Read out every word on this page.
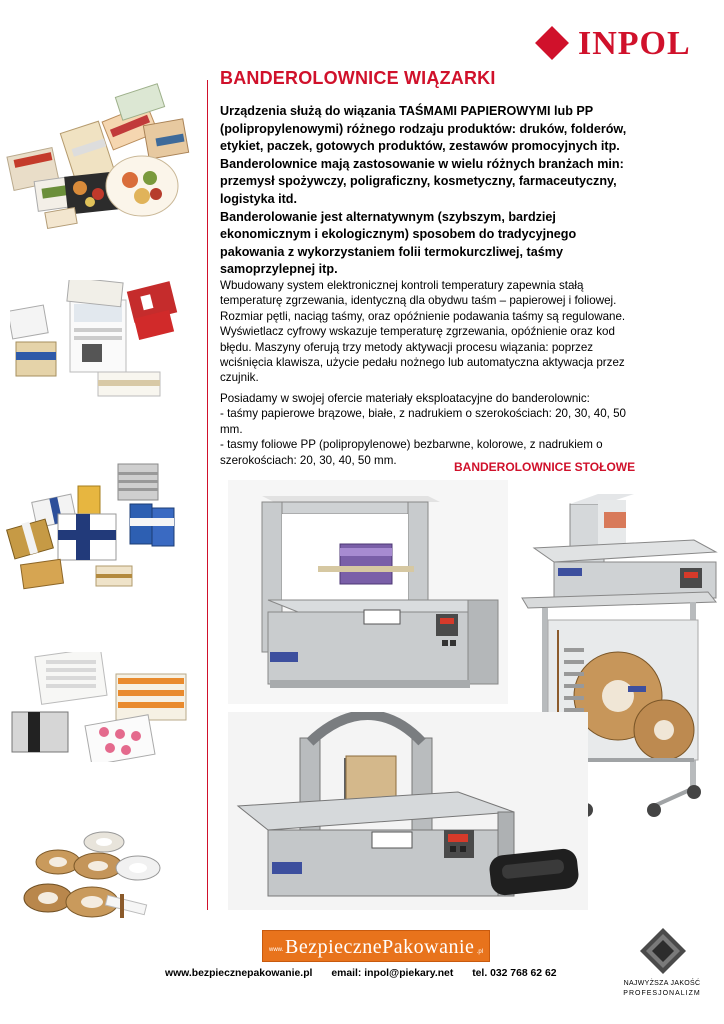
INPOL
BANDEROLOWNICE WIĄZARKI
Urządzenia służą do wiązania TAŚMAMI PAPIEROWYMI lub PP
(polipropylenowymi) różnego rodzaju produktów: druków, folderów,
etykiet, paczek, gotowych produktów, zestawów promocyjnych itp.
Banderolownice mają zastosowanie w wielu różnych branżach min:
przemysł spożywczy, poligraficzny, kosmetyczny, farmaceutyczny,
logistyka itd.
Banderolowanie jest alternatywnym (szybszym, bardziej
ekonomicznym i ekologicznym) sposobem do tradycyjnego
pakowania z wykorzystaniem folii termokurczliwej, taśmy
samoprzylepnej itp.
Wbudowany system elektronicznej kontroli temperatury zapewnia stałą
temperaturę zgrzewania, identyczną dla obydwu taśm – papierowej i foliowej.
Rozmiar pętli, naciąg taśmy, oraz opóźnienie podawania taśmy są regulowane.
Wyświetlacz cyfrowy wskazuje temperaturę zgrzewania, opóźnienie oraz kod
błędu. Maszyny oferują trzy metody aktywacji procesu wiązania: poprzez
wciśnięcia klawisza, użycie pedału nożnego lub automatyczna aktywacja przez
czujnik.
Posiadamy w swojej ofercie materiały eksploatacyjne do banderolownic:
- taśmy papierowe brązowe, białe, z nadrukiem o szerokościach: 20, 30, 40, 50
mm.
- tasmy foliowe PP (polipropylenowe) bezbarwne, kolorowe, z nadrukiem o
szerokościach: 20, 30, 40, 50 mm.	BANDEROLOWNICE STOŁOWE
www. BezpiecznePakowanie .pl
www.bezpiecznepakowanie.pl email: inpol@piekary.net tel. 032 768 62 62
NAJWYŻSZA JAKOŚĆ
PROFESJONALIZM
